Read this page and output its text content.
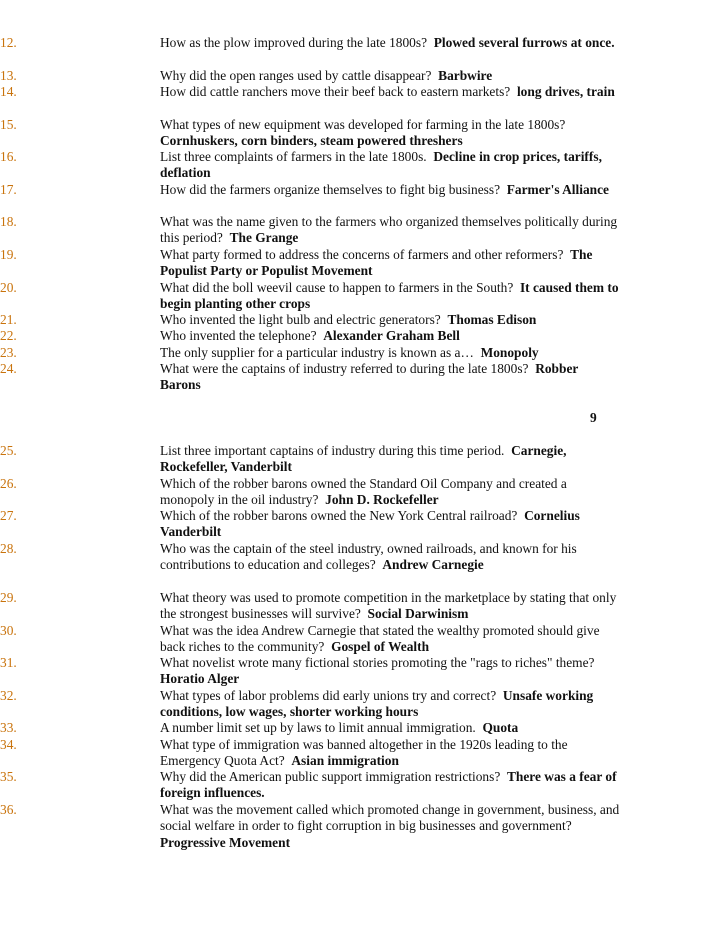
12.	How as the plow improved during the late 1800s? Plowed several furrows at once.
13.	Why did the open ranges used by cattle disappear? Barbwire
14.	How did cattle ranchers move their beef back to eastern markets? long drives, train
15.	What types of new equipment was developed for farming in the late 1800s?  Cornhuskers, corn binders, steam powered threshers
16.	List three complaints of farmers in the late 1800s. Decline in crop prices, tariffs, deflation
17.	How did the farmers organize themselves to fight big business? Farmer's Alliance
18.	What was the name given to the farmers who organized themselves politically during this period? The Grange
19.	What party formed to address the concerns of farmers and other reformers? The Populist Party or Populist Movement
20.	What did the boll weevil cause to happen to farmers in the South? It caused them to begin planting other crops
21.	Who invented the light bulb and electric generators? Thomas Edison
22.	Who invented the telephone? Alexander Graham Bell
23.	The only supplier for a particular industry is known as a… Monopoly
24.	What were the captains of industry referred to during the late 1800s? Robber Barons
25.	List three important captains of industry during this time period. Carnegie, Rockefeller, Vanderbilt
26.	Which of the robber barons owned the Standard Oil Company and created a monopoly in the oil industry? John D. Rockefeller
27.	Which of the robber barons owned the New York Central railroad? Cornelius Vanderbilt
28.	Who was the captain of the steel industry, owned railroads, and known for his contributions to education and colleges? Andrew Carnegie
29.	What theory was used to promote competition in the marketplace by stating that only the strongest businesses will survive? Social Darwinism
30.	What was the idea Andrew Carnegie that stated the wealthy promoted should give back riches to the community? Gospel of Wealth
31.	What novelist wrote many fictional stories promoting the "rags to riches" theme?  Horatio Alger
32.	What types of labor problems did early unions try and correct? Unsafe working conditions, low wages, shorter working hours
33.	A number limit set up by laws to limit annual immigration. Quota
34.	What type of immigration was banned altogether in the 1920s leading to the Emergency Quota Act? Asian immigration
35.	Why did the American public support immigration restrictions? There was a fear of foreign influences.
36.	What was the movement called which promoted change in government, business, and social welfare in order to fight corruption in big businesses and government?  Progressive Movement
9
